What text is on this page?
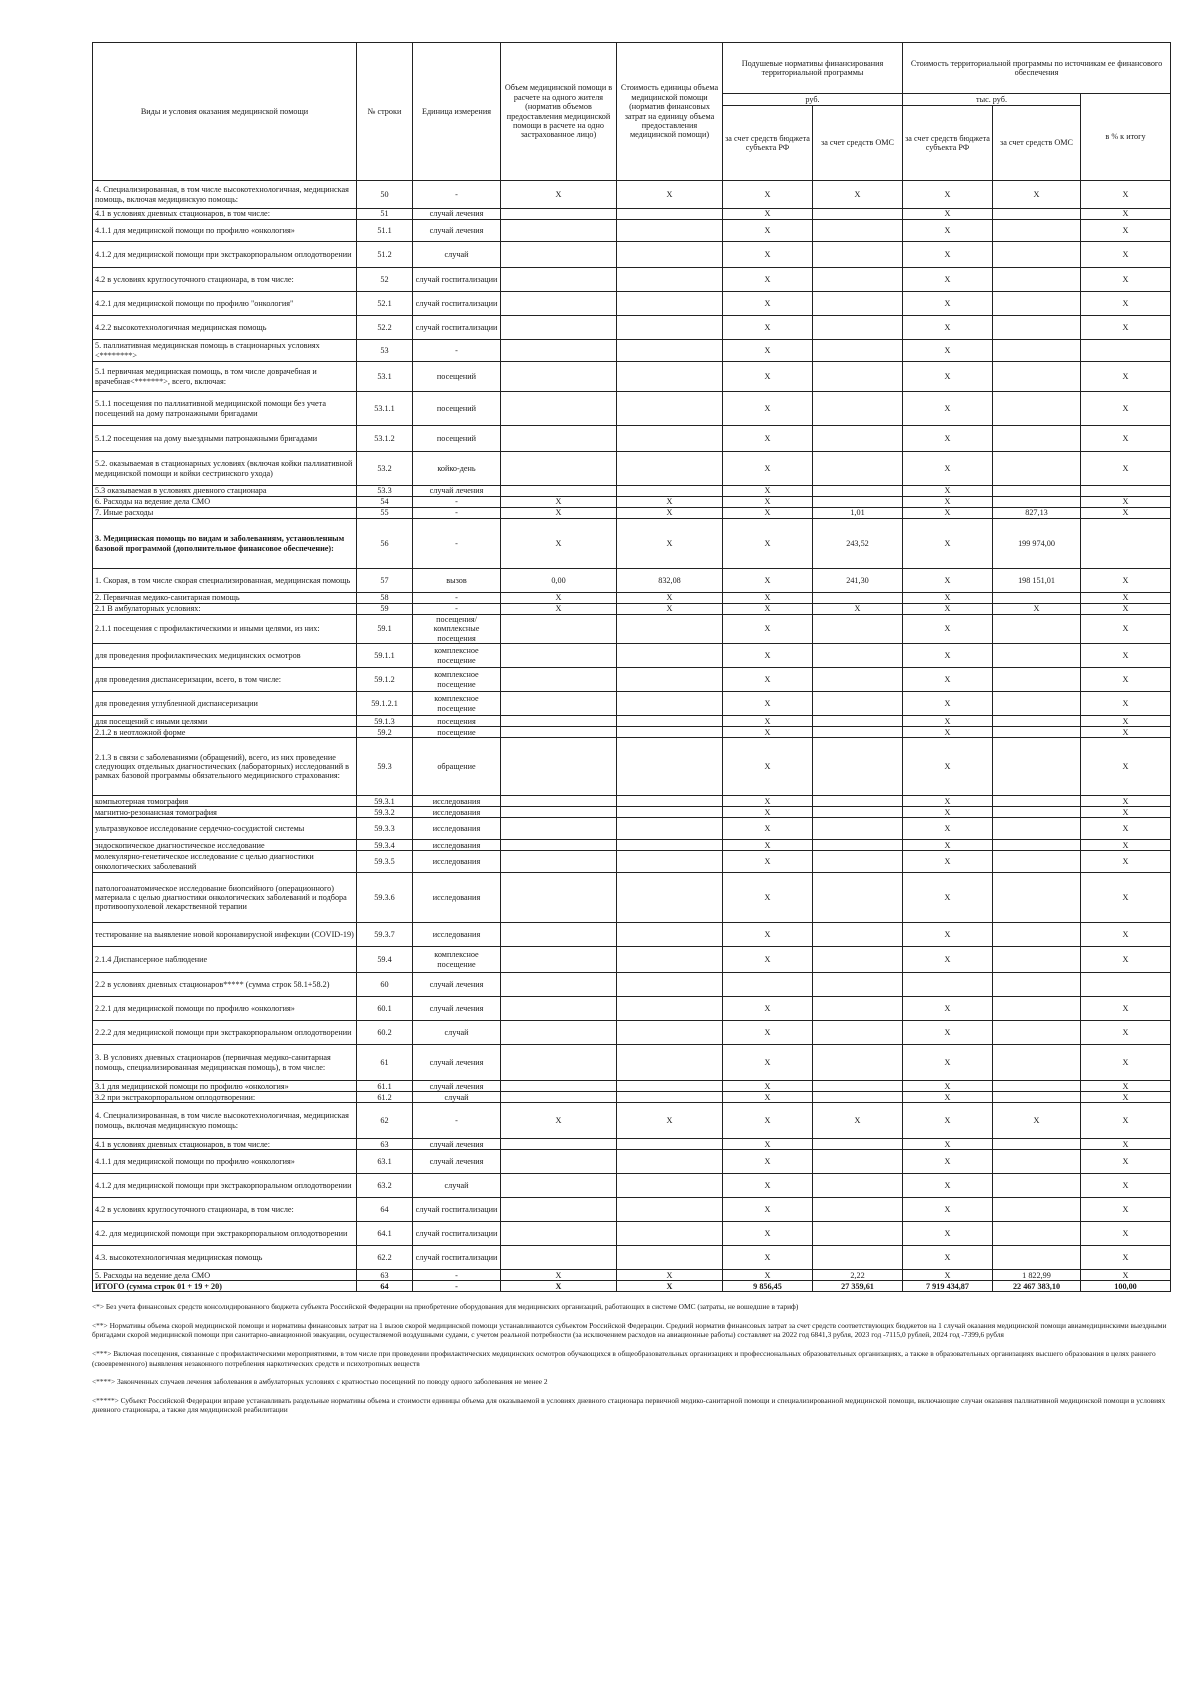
Виды и условия оказания медицинской помощи	№ строки	Единица измерения	Объем медицинской помощи в расчете на одного жителя (норматив объемов предоставления медицинской помощи в расчете на одно застрахованное лицо)	Стоимость единицы объема медицинской помощи (норматив финансовых затрат на единицу объема предоставления медицинской помощи)	Подушевые нормативы финансирования территориальной программы		Стоимость территориальной программы по источникам ее финансового обеспечения		
					руб.		тыс. руб.		в % к итогу
					за счет средств бюджета субъекта РФ	за счет средств ОМС	за счет средств бюджета субъекта РФ	за счет средств ОМС	
4. Специализированная, в том числе высокотехнологичная, медицинская помощь, включая медицинскую помощь:	50	-	X	X	X	X	X	X	X
4.1 в условиях дневных стационаров, в том числе:	51	случай лечения			X		X		X
4.1.1 для медицинской помощи по профилю «онкология»	51.1	случай лечения			X		X		X
4.1.2 для медицинской помощи при экстракорпоральном оплодотворении	51.2	случай			X		X		X
4.2 в условиях круглосуточного стационара, в том числе:	52	случай госпитализации			X		X		X
4.2.1 для медицинской помощи по профилю "онкология"	52.1	случай госпитализации			X		X		X
4.2.2 высокотехнологичная медицинская помощь	52.2	случай госпитализации			X		X		X
5. паллиативная медицинская помощь в стационарных условиях <********>	53	-			X		X		
5.1 первичная медицинская помощь, в том числе доврачебная и врачебная<*******>, всего, включая:	53.1	посещений			X		X		X
5.1.1 посещения по паллиативной медицинской помощи без учета посещений на дому патронажными бригадами	53.1.1	посещений			X		X		X
5.1.2 посещения на дому выездными патронажными бригадами	53.1.2	посещений			X		X		X
5.2. оказываемая в стационарных условиях (включая койки паллиативной медицинской помощи и койки сестринского ухода)	53.2	койко-день			X		X		X
5.3 оказываемая в условиях дневного стационара	53.3	случай лечения			X		X		
6. Расходы на ведение дела СМО	54	-	X	X	X		X		X
7. Иные расходы	55	-	X	X	X	1,01	X	827,13	X
3. Медицинская помощь по видам и заболеваниям, установленным базовой программой (дополнительное финансовое обеспечение):	56	-	X	X	X	243,52	X	199 974,00	
1. Скорая, в том числе скорая специализированная, медицинская помощь	57	вызов	0,00	832,08	X	241,30	X	198 151,01	X
2. Первичная медико-санитарная помощь	58	-	X	X	X		X		X
2.1 В амбулаторных условиях:	59	-	X	X	X	X	X	X	X
2.1.1 посещения с профилактическими и иными целями, из них:	59.1	посещения/комплексные посещения			X		X		X
для проведения профилактических медицинских осмотров	59.1.1	комплексное посещение			X		X		X
для проведения диспансеризации, всего, в том числе:	59.1.2	комплексное посещение			X		X		X
для проведения углубленной диспансеризации	59.1.2.1	комплексное посещение			X		X		X
для посещений с иными целями	59.1.3	посещения			X		X		X
2.1.2 в неотложной форме	59.2	посещение			X		X		X
2.1.3 в связи с заболеваниями (обращений), всего, из них проведение следующих отдельных диагностических (лабораторных) исследований в рамках базовой программы обязательного медицинского страхования:	59.3	обращение			X		X		X
компьютерная томография	59.3.1	исследования			X		X		X
магнитно-резонансная томография	59.3.2	исследования			X		X		X
ультразвуковое исследование сердечно-сосудистой системы	59.3.3	исследования			X		X		X
эндоскопическое диагностическое исследование	59.3.4	исследования			X		X		X
молекулярно-генетическое исследование с целью диагностики онкологических заболеваний	59.3.5	исследования			X		X		X
патологоанатомическое исследование биопсийного (операционного) материала с целью диагностики онкологических заболеваний и подбора противоопухолевой лекарственной терапии	59.3.6	исследования			X		X		X
тестирование на выявление новой коронавирусной инфекции (COVID-19)	59.3.7	исследования			X		X		X
2.1.4 Диспансерное наблюдение	59.4	комплексное посещение			X		X		X
2.2 в условиях дневных стационаров***** (сумма строк 58.1+58.2)	60	случай лечения							
2.2.1 для медицинской помощи по профилю «онкология»	60.1	случай лечения			X		X		X
2.2.2 для медицинской помощи при экстракорпоральном оплодотворении	60.2	случай			X		X		X
3. В условиях дневных стационаров (первичная медико-санитарная помощь, специализированная медицинская помощь), в том числе:	61	случай лечения			X		X		X
3.1 для медицинской помощи по профилю «онкология»	61.1	случай лечения			X		X		X
3.2 при экстракорпоральном оплодотворении:	61.2	случай			X		X		X
4. Специализированная, в том числе высокотехнологичная, медицинская помощь, включая медицинскую помощь:	62	-	X	X	X	X	X	X	X
4.1 в условиях дневных стационаров, в том числе:	63	случай лечения			X		X		X
4.1.1 для медицинской помощи по профилю «онкология»	63.1	случай лечения			X		X		X
4.1.2 для медицинской помощи при экстракорпоральном оплодотворении	63.2	случай			X		X		X
4.2 в условиях круглосуточного стационара, в том числе:	64	случай госпитализации			X		X		X
4.2. для медицинской помощи при экстракорпоральном оплодотворении	64.1	случай госпитализации			X		X		X
4.3. высокотехнологичная медицинская помощь	62.2	случай госпитализации			X		X		X
5. Расходы на ведение дела СМО	63	-	X	X	X	2,22	X	1 822,99	X
ИТОГО (сумма строк 01 + 19 + 20)	64	-	X	X	9 856,45	27 359,61	7 919 434,87	22 467 383,10	100,00

<*> Без учета финансовых средств консолидированного бюджета субъекта Российской Федерации на приобретение оборудования для медицинских организаций, работающих в системе ОМС (затраты, не вошедшие в тариф)

<**> Нормативы объема скорой медицинской помощи и нормативы финансовых затрат на 1 вызов скорой медицинской помощи устанавливаются субъектом Российской Федерации. Средний норматив финансовых затрат за счет средств соответствующих бюджетов на 1 случай оказания медицинской помощи авиамедицинскими выездными бригадами скорой медицинской помощи при санитарно-авиационной эвакуации, осуществляемой воздушными судами, с учетом реальной потребности (за исключением расходов на авиационные работы) составляет на 2022 год 6841,3 рубля, 2023 год -7115,0 рублей, 2024 год -7399,6 рубля

<***> Включая посещения, связанные с профилактическими мероприятиями, в том числе при проведении профилактических медицинских осмотров обучающихся в общеобразовательных организациях и профессиональных образовательных организациях, а также в образовательных организациях высшего образования в целях раннего (своевременного) выявления незаконного потребления наркотических средств и психотропных веществ

<****> Законченных случаев лечения заболевания в амбулаторных условиях с кратностью посещений по поводу одного заболевания не менее 2

<*****> Субъект Российской Федерации вправе устанавливать раздельные нормативы объема и стоимости единицы объема для оказываемой в условиях дневного стационара первичной медико-санитарной помощи и специализированной медицинской помощи, включающие случаи оказания паллиативной медицинской помощи в условиях дневного стационара, а также для медицинской реабилитации
